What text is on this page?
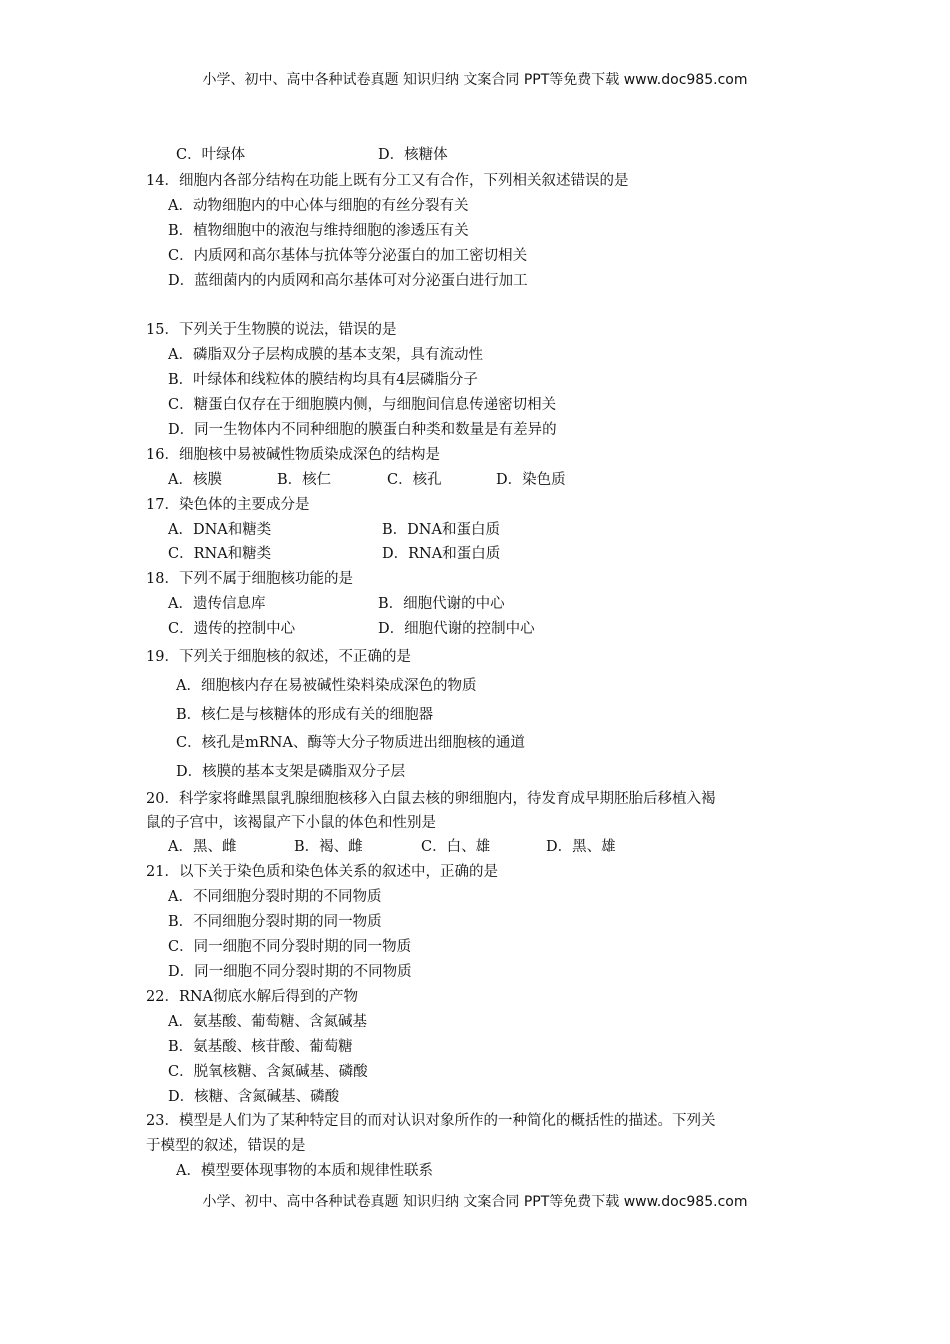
小学、初中、高中各种试卷真题 知识归纳 文案合同 PPT等免费下载 www.doc985.com
C．叶绿体	D．核糖体
14．细胞内各部分结构在功能上既有分工又有合作，下列相关叙述错误的是
A．动物细胞内的中心体与细胞的有丝分裂有关
B．植物细胞中的液泡与维持细胞的渗透压有关
C．内质网和高尔基体与抗体等分泌蛋白的加工密切相关
D．蓝细菌内的内质网和高尔基体可对分泌蛋白进行加工
15．下列关于生物膜的说法，错误的是
A．磷脂双分子层构成膜的基本支架，具有流动性
B．叶绿体和线粒体的膜结构均具有4层磷脂分子
C．糖蛋白仅存在于细胞膜内侧，与细胞间信息传递密切相关
D．同一生物体内不同种细胞的膜蛋白种类和数量是有差异的
16．细胞核中易被碱性物质染成深色的结构是
A．核膜	B．核仁	C．核孔	D．染色质
17．染色体的主要成分是
A．DNA和糖类	B．DNA和蛋白质
C．RNA和糖类	D．RNA和蛋白质
18．下列不属于细胞核功能的是
A．遗传信息库	B．细胞代谢的中心
C．遗传的控制中心	D．细胞代谢的控制中心
19．下列关于细胞核的叙述，不正确的是
A．细胞核内存在易被碱性染料染成深色的物质
B．核仁是与核糖体的形成有关的细胞器
C．核孔是mRNA、酶等大分子物质进出细胞核的通道
D．核膜的基本支架是磷脂双分子层
20．科学家将雌黑鼠乳腺细胞核移入白鼠去核的卵细胞内，待发育成早期胚胎后移植入褐
鼠的子宫中，该褐鼠产下小鼠的体色和性别是
A．黑、雌	B．褐、雌	C．白、雄	D．黑、雄
21．以下关于染色质和染色体关系的叙述中，正确的是
A．不同细胞分裂时期的不同物质
B．不同细胞分裂时期的同一物质
C．同一细胞不同分裂时期的同一物质
D．同一细胞不同分裂时期的不同物质
22．RNA彻底水解后得到的产物
A．氨基酸、葡萄糖、含氮碱基
B．氨基酸、核苷酸、葡萄糖
C．脱氧核糖、含氮碱基、磷酸
D．核糖、含氮碱基、磷酸
23．模型是人们为了某种特定目的而对认识对象所作的一种简化的概括性的描述。下列关
于模型的叙述，错误的是
A．模型要体现事物的本质和规律性联系
小学、初中、高中各种试卷真题 知识归纳 文案合同 PPT等免费下载 www.doc985.com
